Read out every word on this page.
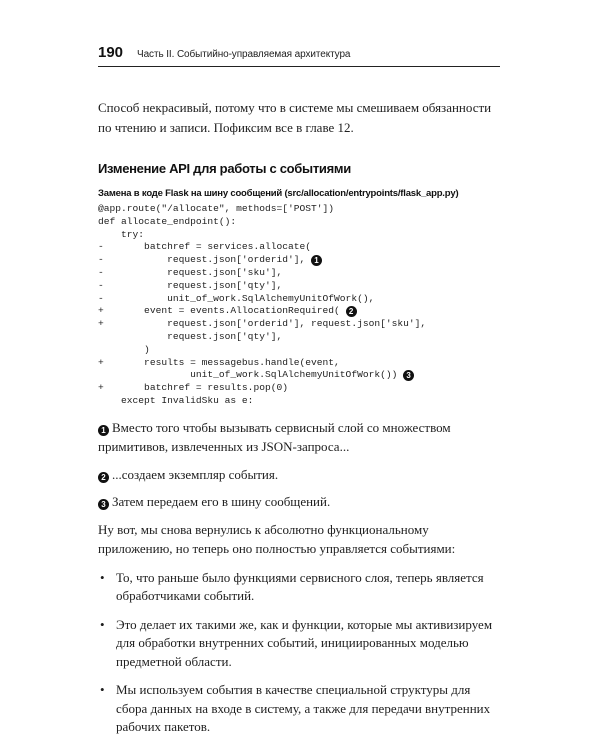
190 Часть II. Событийно-управляемая архитектура

Способ некрасивый, потому что в системе мы смешиваем обязанности по чтению и записи. Пофиксим все в главе 12.

Изменение API для работы с событиями
Замена в коде Flask на шину сообщений (src/allocation/entrypoints/flask_app.py)
@app.route("/allocate", methods=['POST'])
def allocate_endpoint():
try:
-       batchref = services.allocate(
-           request.json['orderid'], 1
-           request.json['sku'],
-           request.json['qty'],
-           unit_of_work.SqlAlchemyUnitOfWork(),
+       event = events.AllocationRequired( 2
+           request.json['orderid'], request.json['sku'],
request.json['qty'],
)
+       results = messagebus.handle(event,
unit_of_work.SqlAlchemyUnitOfWork()) 3
+       batchref = results.pop(0)
except InvalidSku as e:

1 Вместо того чтобы вызывать сервисный слой со множеством примитивов, извлеченных из JSON-запроса...

2 ...создаем экземпляр события.

3 Затем передаем его в шину сообщений.

Ну вот, мы снова вернулись к абсолютно функциональному приложению, но теперь оно полностью управляется событиями:

• То, что раньше было функциями сервисного слоя, теперь является обработчиками событий.
• Это делает их такими же, как и функции, которые мы активизируем для обработки внутренних событий, инициированных моделью предметной области.
• Мы используем события в качестве специальной структуры для сбора данных на входе в систему, а также для передачи внутренних рабочих пакетов.
